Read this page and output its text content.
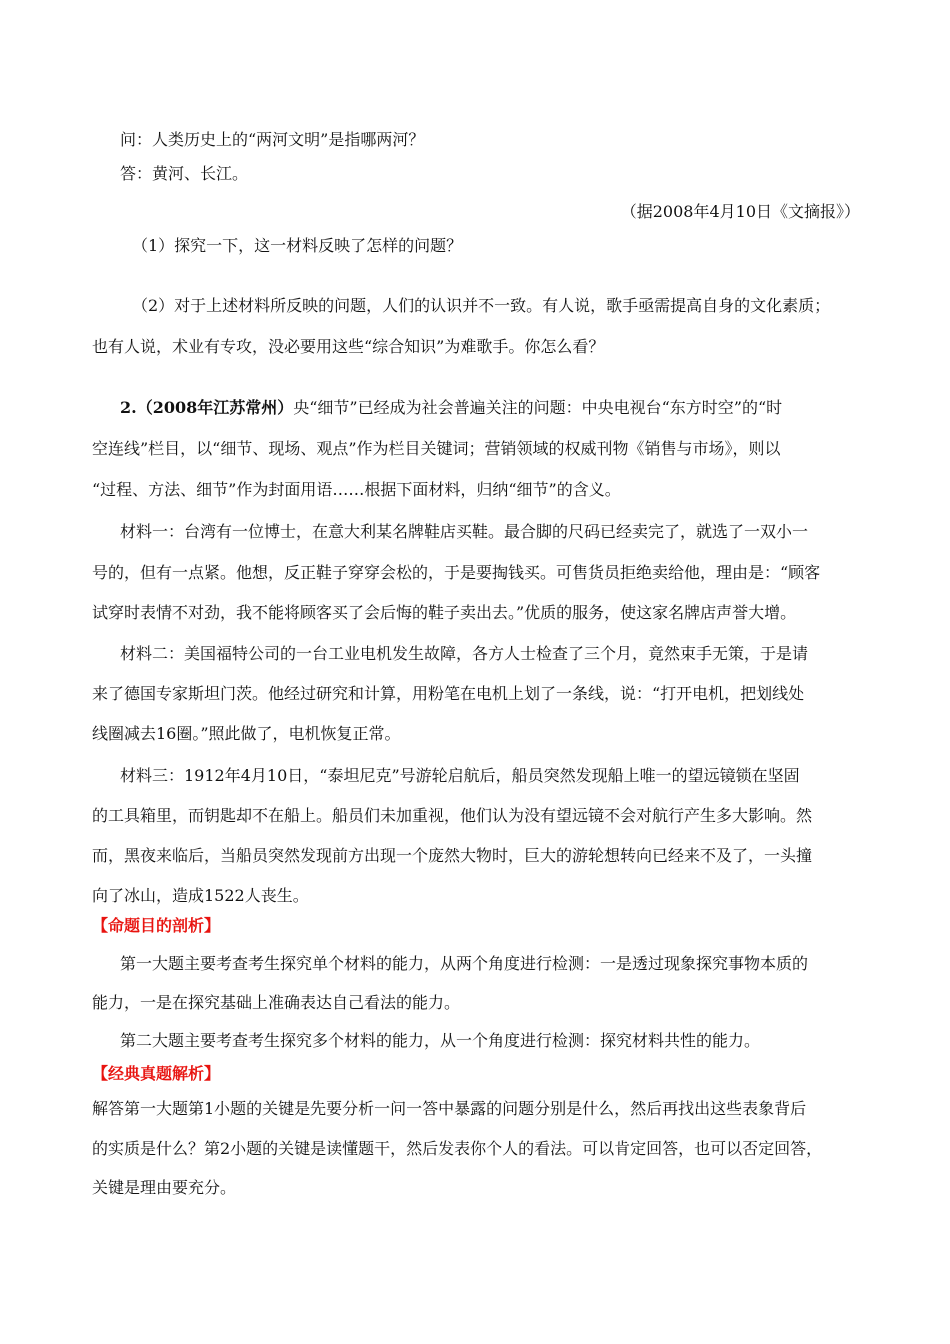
问：人类历史上的“两河文明”是指哪两河？
答：黄河、长江。
（据2008年4月10日《文摘报》）
（1）探究一下，这一材料反映了怎样的问题？
（2）对于上述材料所反映的问题，人们的认识并不一致。有人说，歌手亟需提高自身的文化素质；
也有人说，术业有专攻，没必要用这些“综合知识”为难歌手。你怎么看？
2.（2008年江苏常州）央“细节”已经成为社会普遍关注的问题：中央电视台“东方时空”的“时
空连线”栏目，以“细节、现场、观点”作为栏目关键词；营销领域的权威刊物《销售与市场》，则以
“过程、方法、细节”作为封面用语……根据下面材料，归纳“细节”的含义。
材料一：台湾有一位博士，在意大利某名牌鞋店买鞋。最合脚的尺码已经卖完了，就选了一双小一
号的，但有一点紧。他想，反正鞋子穿穿会松的，于是要掏钱买。可售货员拒绝卖给他，理由是：“顾客
试穿时表情不对劲，我不能将顾客买了会后悔的鞋子卖出去。”优质的服务，使这家名牌店声誉大增。
材料二：美国福特公司的一台工业电机发生故障，各方人士检查了三个月，竟然束手无策，于是请
来了德国专家斯坦门茨。他经过研究和计算，用粉笔在电机上划了一条线，说：“打开电机，把划线处
线圈减去16圈。”照此做了，电机恢复正常。
材料三：1912年4月10日，“泰坦尼克”号游轮启航后，船员突然发现船上唯一的望远镜锁在坚固
的工具箱里，而钥匙却不在船上。船员们未加重视，他们认为没有望远镜不会对航行产生多大影响。然
而，黑夜来临后，当船员突然发现前方出现一个庞然大物时，巨大的游轮想转向已经来不及了，一头撞
向了冰山，造成1522人丧生。
【命题目的剖析】
第一大题主要考查考生探究单个材料的能力，从两个角度进行检测：一是透过现象探究事物本质的
能力，一是在探究基础上准确表达自己看法的能力。
第二大题主要考查考生探究多个材料的能力，从一个角度进行检测：探究材料共性的能力。
【经典真题解析】
解答第一大题第1小题的关键是先要分析一问一答中暴露的问题分别是什么，然后再找出这些表象背后
的实质是什么？第2小题的关键是读懂题干，然后发表你个人的看法。可以肯定回答，也可以否定回答，
关键是理由要充分。
